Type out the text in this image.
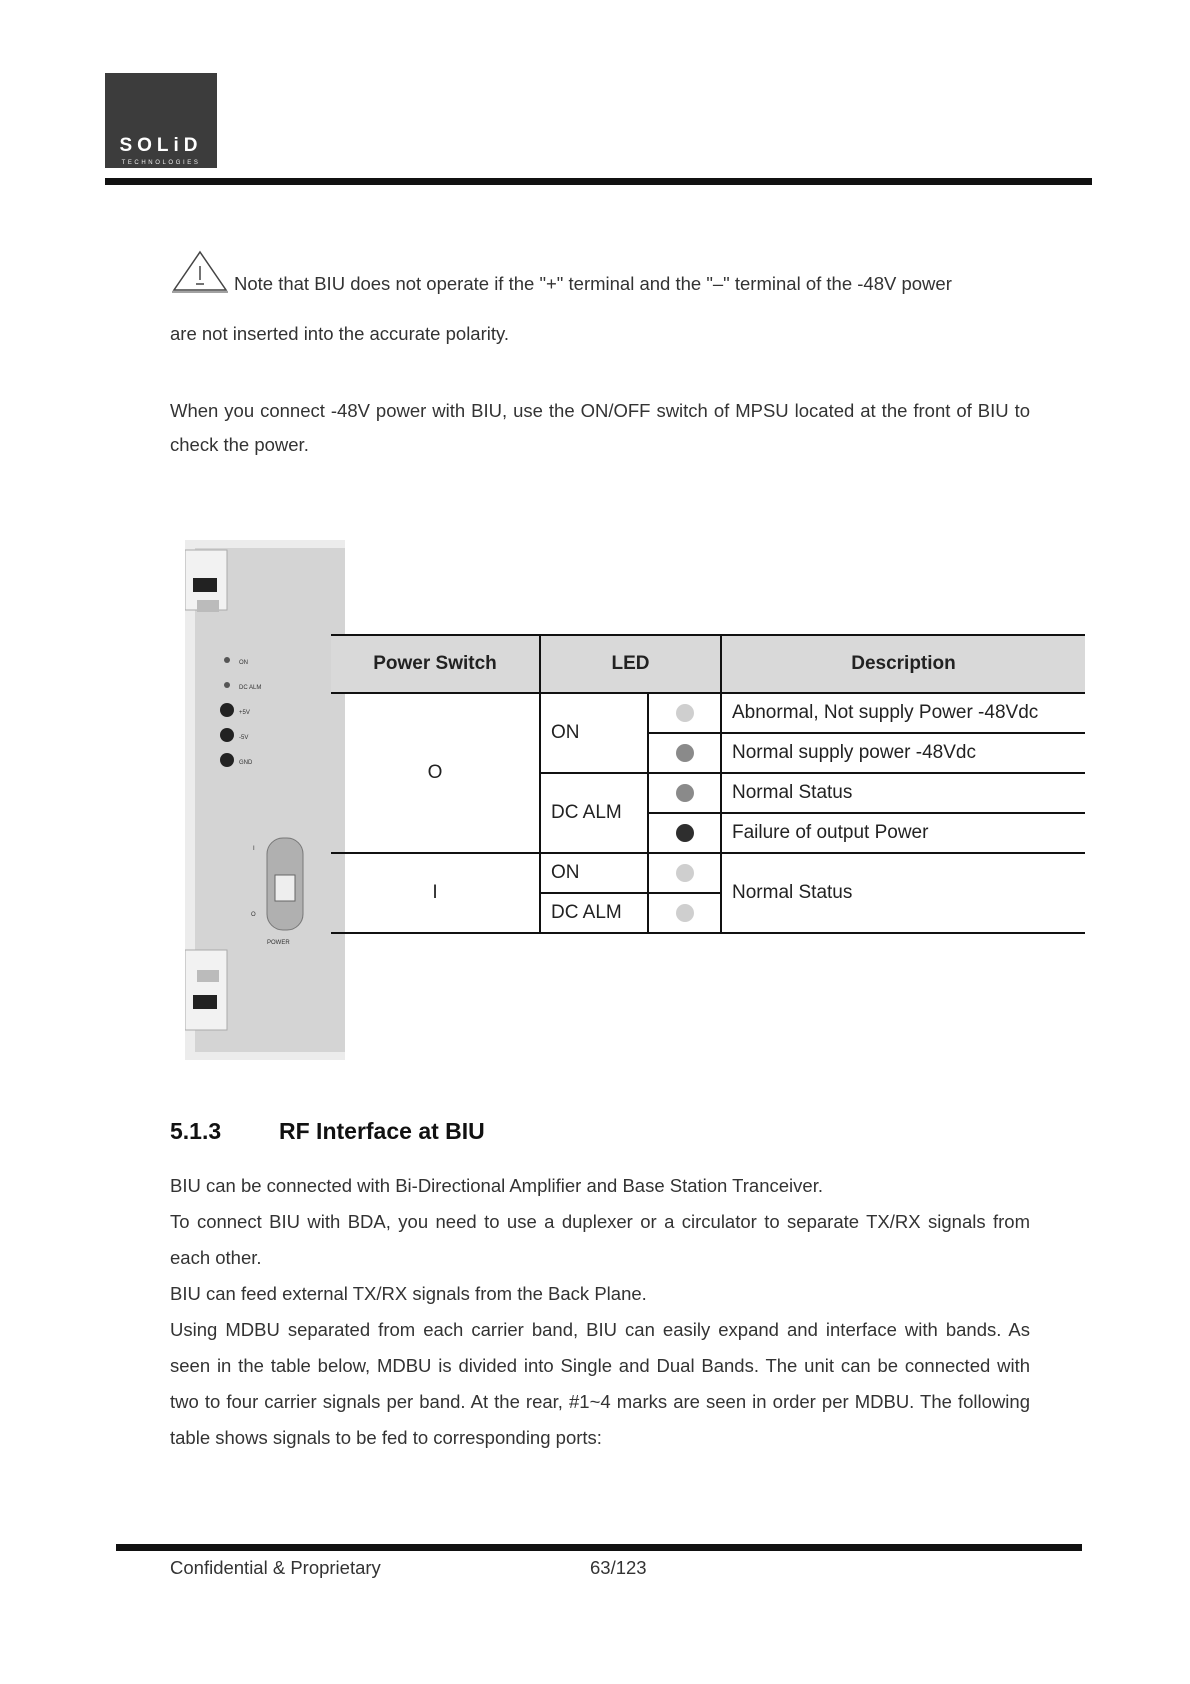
SOLiD
TECHNOLOGIES
Note that BIU does not operate if the "+" terminal and the "–" terminal of the -48V power
are not inserted into the accurate polarity.
When you connect -48V power with BIU, use the ON/OFF switch of MPSU located at the front of BIU to check the power.
ON
DC ALM
+5V
-5V
GND
I
O
POWER
Power Switch	LED		Description
O	ON		Abnormal, Not supply Power -48Vdc
			Normal supply power -48Vdc
	DC ALM		Normal Status
			Failure of output Power
I	ON		Normal Status
	DC ALM		
5.1.3	RF Interface at BIU

BIU can be connected with Bi-Directional Amplifier and Base Station Tranceiver.

To connect BIU with BDA, you need to use a duplexer or a circulator to separate TX/RX signals from each other.

BIU can feed external TX/RX signals from the Back Plane.

Using MDBU separated from each carrier band, BIU can easily expand and interface with bands. As seen in the table below, MDBU is divided into Single and Dual Bands. The unit can be connected with two to four carrier signals per band. At the rear, #1~4 marks are seen in order per MDBU. The following table shows signals to be fed to corresponding ports:

Confidential & Proprietary	63/123
